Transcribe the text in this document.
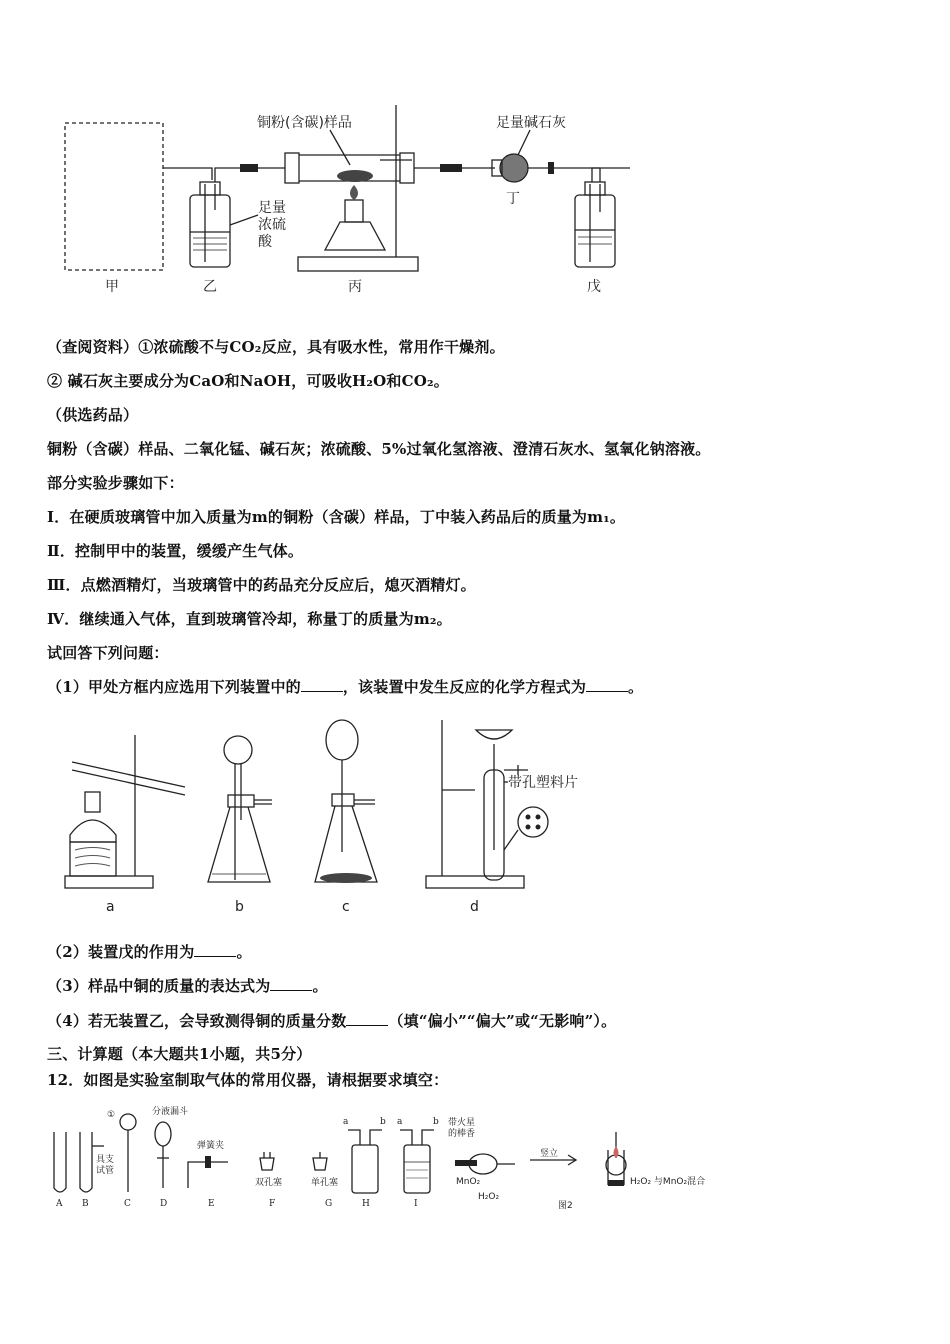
铜粉(含碳)样品	足量碱石灰
足量浓硫酸
甲	乙	丙
丁
戊
（查阅资料）①浓硫酸不与CO₂反应，具有吸水性，常用作干燥剂。
② 碱石灰主要成分为CaO和NaOH，可吸收H₂O和CO₂。
（供选药品）
铜粉（含碳）样品、二氧化锰、碱石灰；浓硫酸、5%过氧化氢溶液、澄清石灰水、氢氧化钠溶液。
部分实验步骤如下：
I．在硬质玻璃管中加入质量为m的铜粉（含碳）样品，丁中装入药品后的质量为m₁。
Ⅱ．控制甲中的装置，缓缓产生气体。
Ⅲ．点燃酒精灯，当玻璃管中的药品充分反应后，熄灭酒精灯。
Ⅳ．继续通入气体，直到玻璃管冷却，称量丁的质量为m₂。
试回答下列问题：
（1）甲处方框内应选用下列装置中的	，该装置中发生反应的化学方程式为	。
带孔塑料片
a	b	c	d
（2）装置戊的作用为	。
（3）样品中铜的质量的表达式为	。
（4）若无装置乙，会导致测得铜的质量分数	（填“偏小”“偏大”或“无影响”）。
三、计算题（本大题共1小题，共5分）
12．如图是实验室制取气体的常用仪器，请根据要求填空：
①	分液漏斗
具支试管
弹簧夹
双孔塞	单孔塞
a	b a	b 带火星的棒香
MnO₂
H₂O₂
竖立
图2
H₂O₂ 与MnO₂混合
A B	C	D	E	F	G	H	I
